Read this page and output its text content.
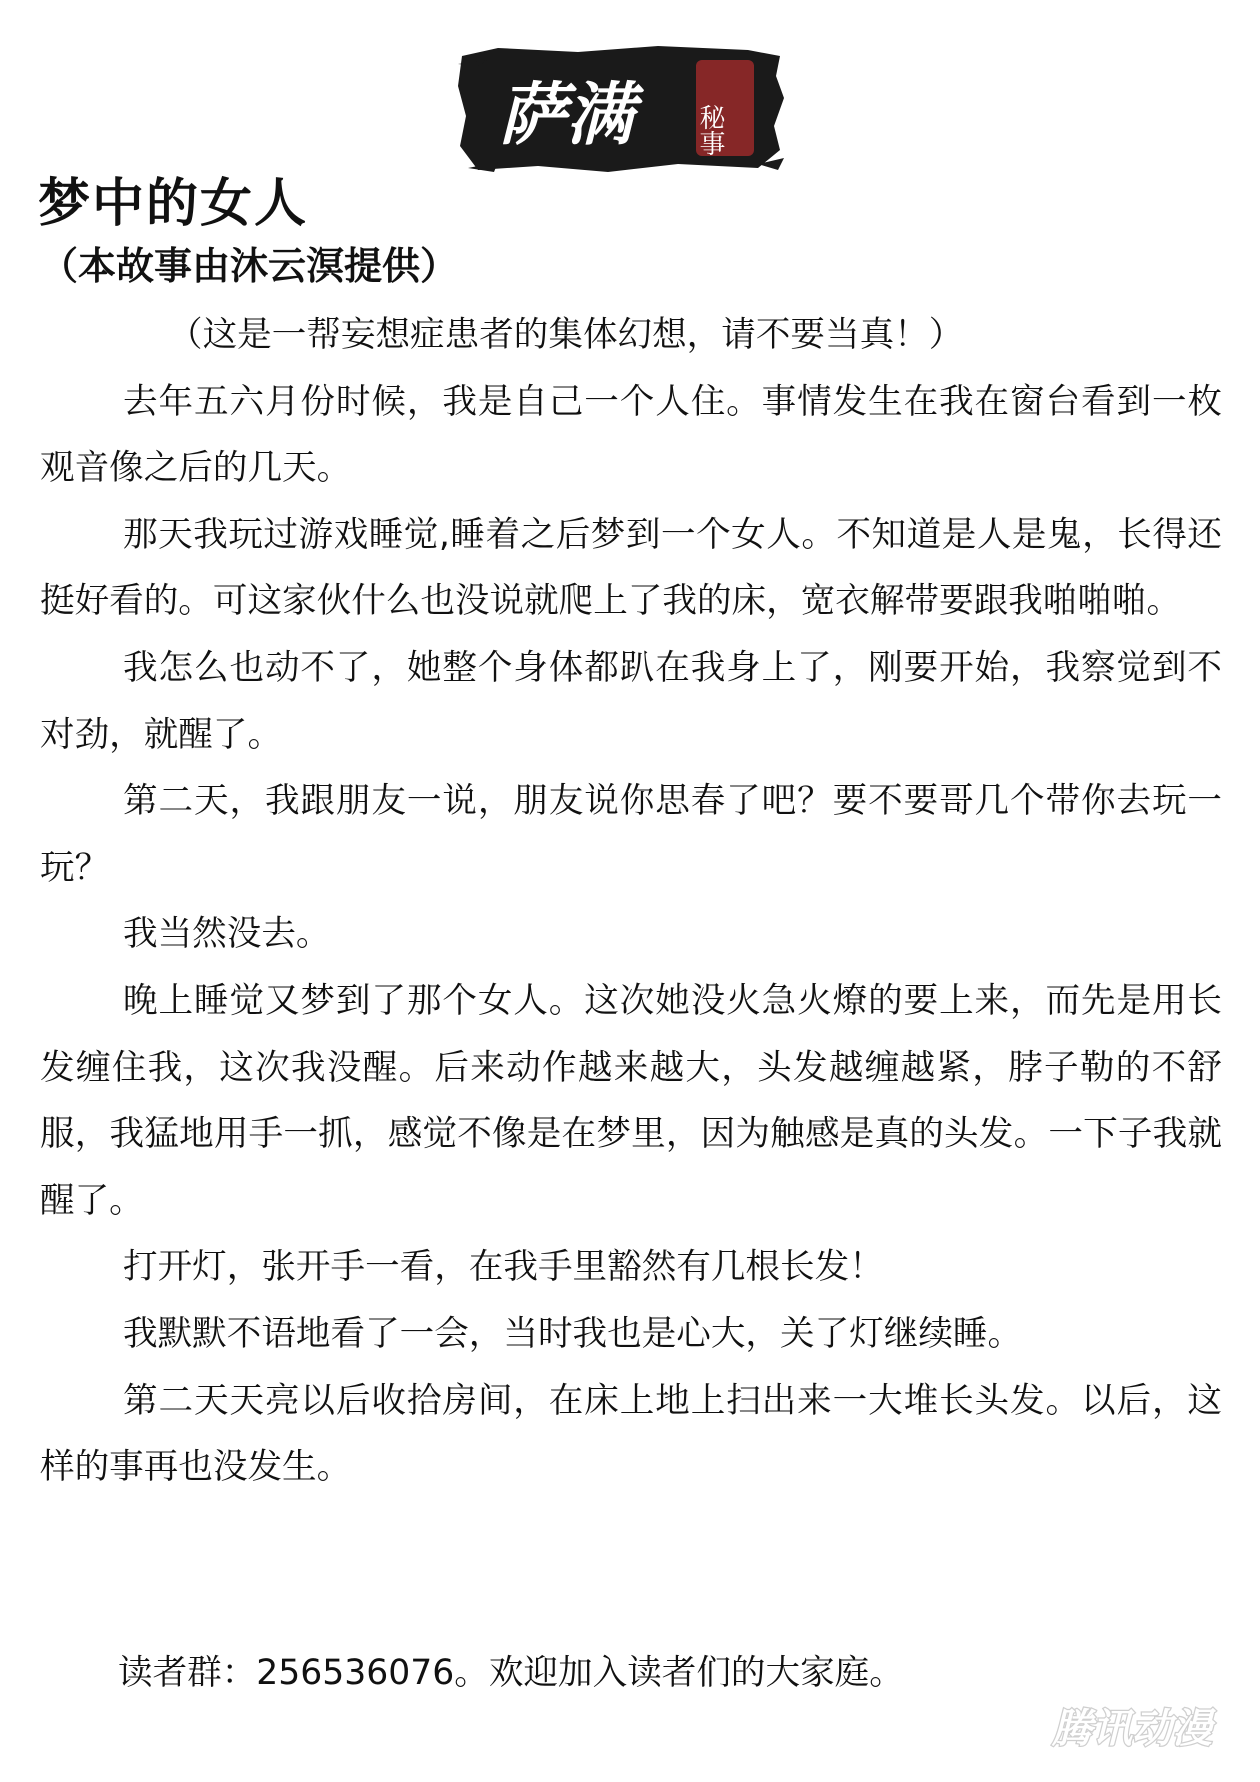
萨满	秘事
梦中的女人
（本故事由沐云溟提供）

（这是一帮妄想症患者的集体幻想，请不要当真！）

去年五六月份时候，我是自己一个人住。事情发生在我在窗台看到一枚观音像之后的几天。

那天我玩过游戏睡觉,睡着之后梦到一个女人。不知道是人是鬼，长得还挺好看的。可这家伙什么也没说就爬上了我的床，宽衣解带要跟我啪啪啪。

我怎么也动不了，她整个身体都趴在我身上了，刚要开始，我察觉到不对劲，就醒了。

第二天，我跟朋友一说，朋友说你思春了吧？要不要哥几个带你去玩一玩？

我当然没去。

晚上睡觉又梦到了那个女人。这次她没火急火燎的要上来，而先是用长发缠住我，这次我没醒。后来动作越来越大，头发越缠越紧，脖子勒的不舒服，我猛地用手一抓，感觉不像是在梦里，因为触感是真的头发。一下子我就醒了。

打开灯，张开手一看，在我手里豁然有几根长发！

我默默不语地看了一会，当时我也是心大，关了灯继续睡。

第二天天亮以后收拾房间，在床上地上扫出来一大堆长头发。以后，这样的事再也没发生。

读者群：256536076。欢迎加入读者们的大家庭。
腾讯动漫
